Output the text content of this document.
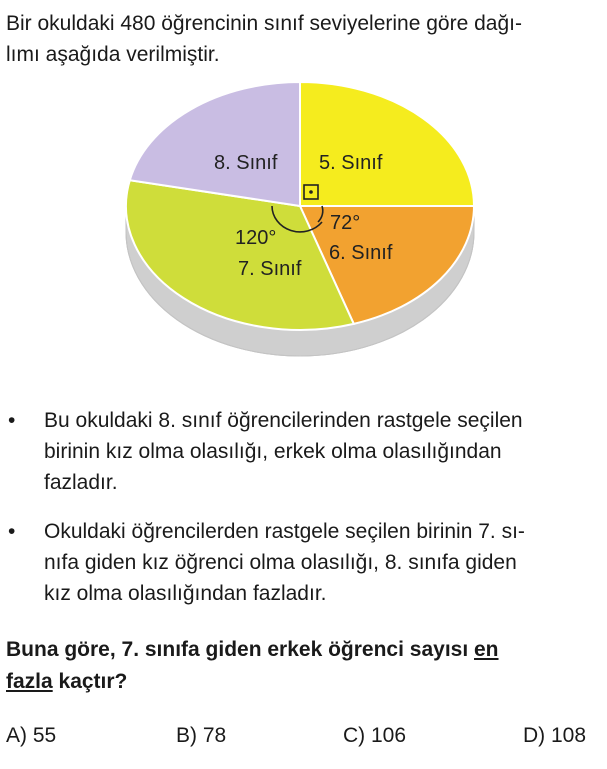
Bir okuldaki 480 öğrencinin sınıf seviyelerine göre dağı-
lımı aşağıda verilmiştir.
8. Sınıf 5. Sınıf
72°
120°
6. Sınıf
7. Sınıf
• Bu okuldaki 8. sınıf öğrencilerinden rastgele seçilen
birinin kız olma olasılığı, erkek olma olasılığından
fazladır.
• Okuldaki öğrencilerden rastgele seçilen birinin 7. sı-
nıfa giden kız öğrenci olma olasılığı, 8. sınıfa giden
kız olma olasılığından fazladır.
Buna göre, 7. sınıfa giden erkek öğrenci sayısı en
fazla kaçtır?
A) 55	B) 78	C) 106	D) 108
